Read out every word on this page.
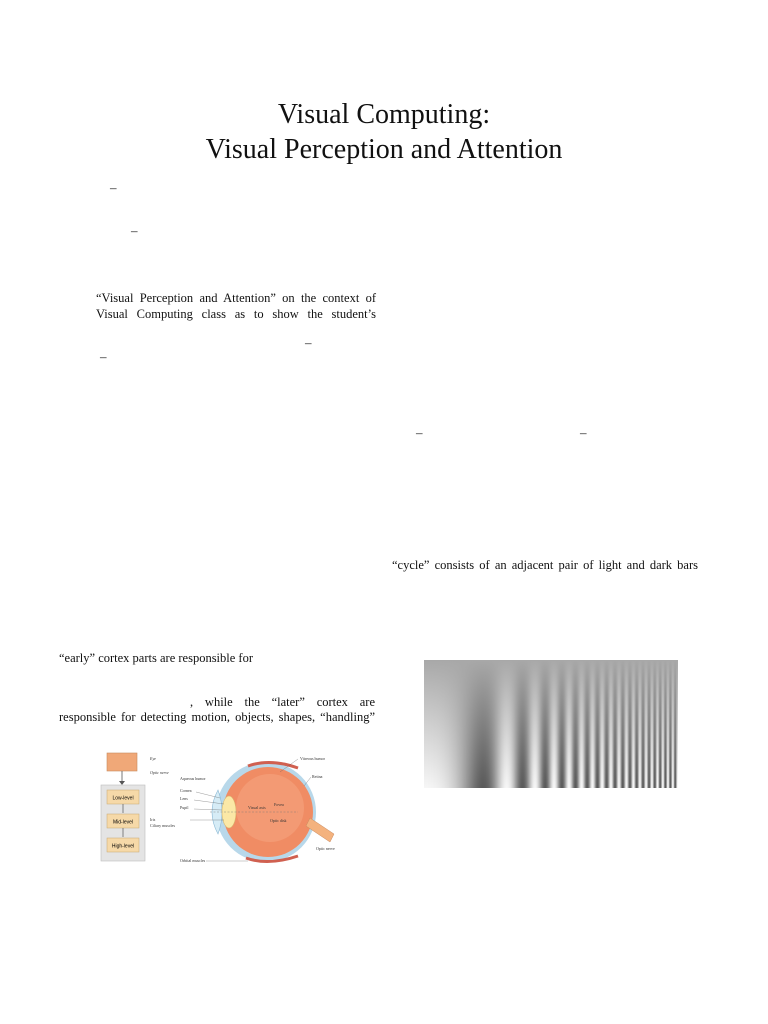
Visual Computing:
Visual Perception and Attention
–
–
–
–
–	–
“Visual Perception and Attention” on the context of
Visual Computing class as to show the student’s
“cycle” consists of an adjacent pair of light and dark bars
“early” cortex parts are responsible for
, while the “later” cortex are
responsible for detecting motion, objects, shapes, “handling”
Low-level
Mid-level
High-level
Eye
Optic nerve
Aqueous humor
Cornea
Lens
Pupil
Iris
Visual axis
Ciliary muscles
Orbital muscles
Vitreous humor
Retina
Fovea
Optic disk
Optic nerve
